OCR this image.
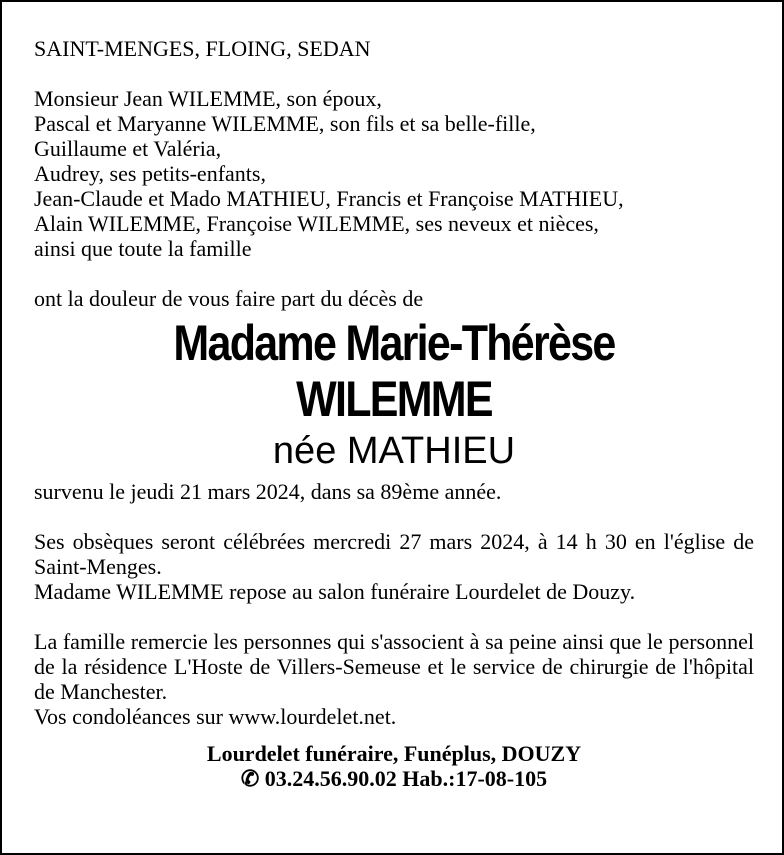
SAINT-MENGES, FLOING, SEDAN

Monsieur Jean WILEMME, son époux,

Pascal et Maryanne WILEMME, son fils et sa belle-fille,

Guillaume et Valéria,

Audrey, ses petits-enfants,

Jean-Claude et Mado MATHIEU, Francis et Françoise MATHIEU,

Alain WILEMME, Françoise WILEMME, ses neveux et nièces,

ainsi que toute la famille

ont la douleur de vous faire part du décès de

Madame Marie-Thérèse
WILEMME
née MATHIEU

survenu le jeudi 21 mars 2024, dans sa 89ème année.

Ses obsèques seront célébrées mercredi 27 mars 2024, à 14 h 30 en l'église de Saint-Menges.

Madame WILEMME repose au salon funéraire Lourdelet de Douzy.

La famille remercie les personnes qui s'associent à sa peine ainsi que le personnel de la résidence L'Hoste de Villers-Semeuse et le service de chirurgie de l'hôpital de Manchester.

Vos condoléances sur www.lourdelet.net.

Lourdelet funéraire, Funéplus, DOUZY

✆ 03.24.56.90.02 Hab.:17-08-105
